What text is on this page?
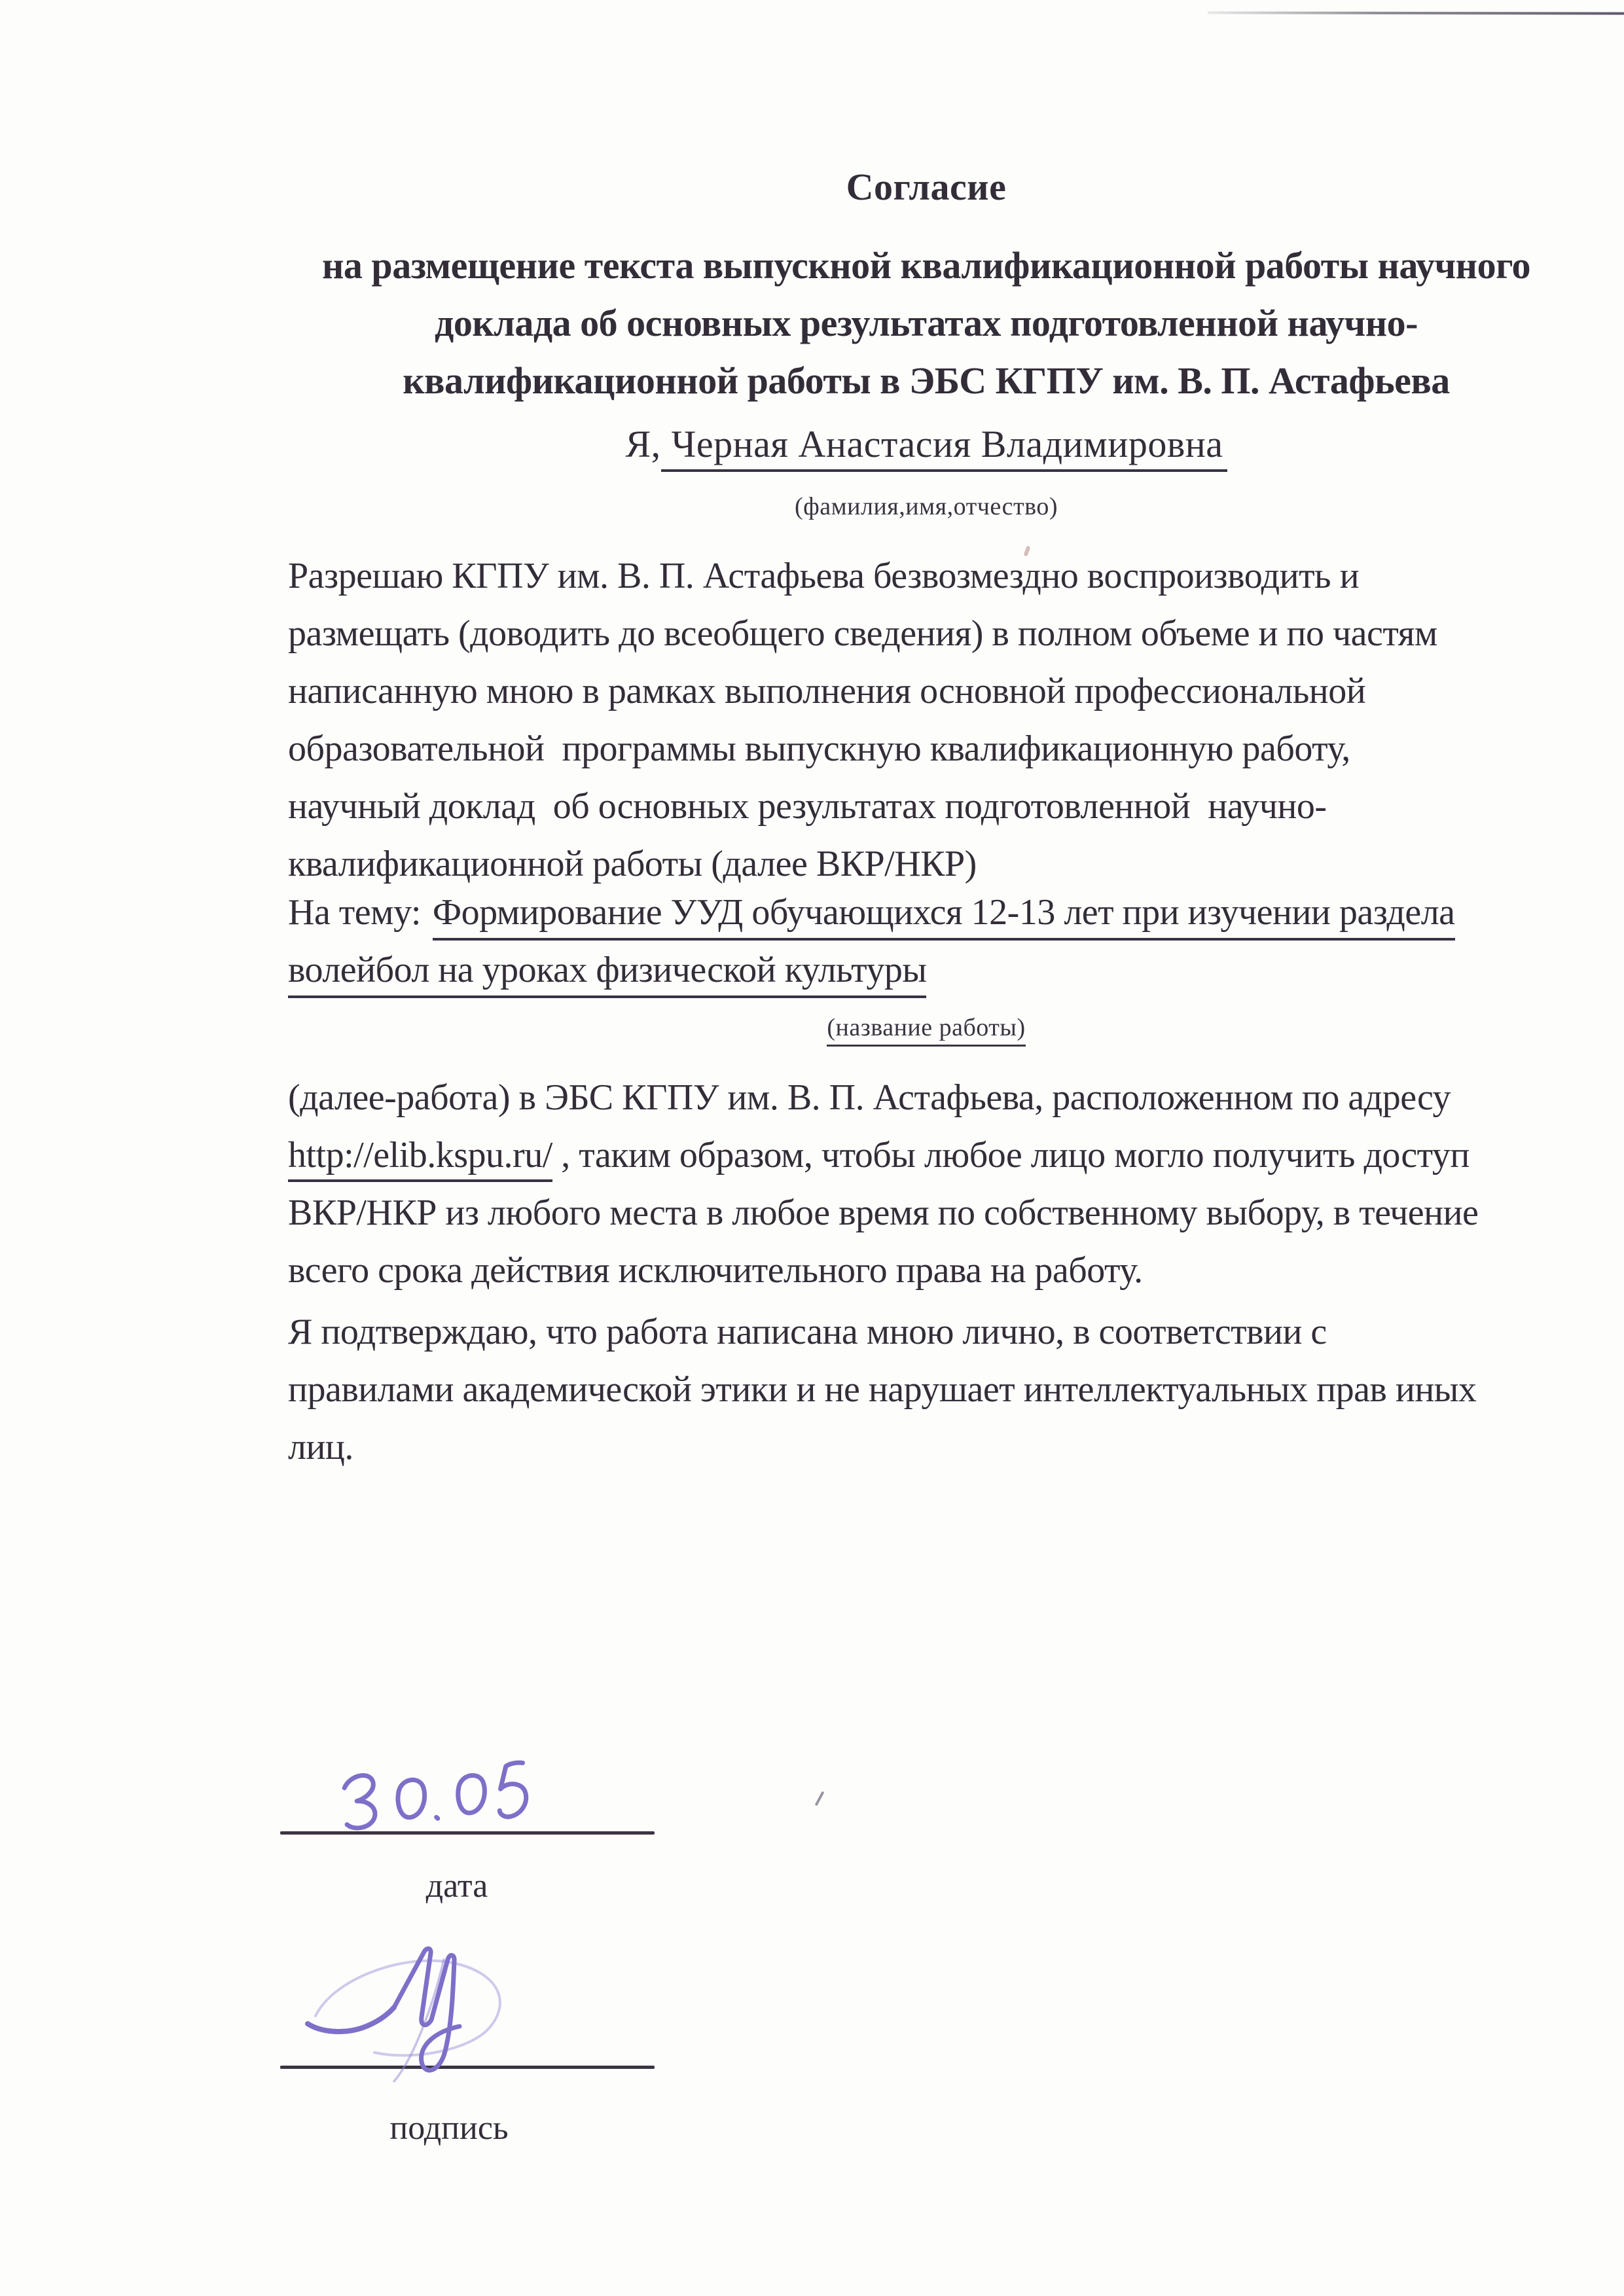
Согласие
на размещение текста выпускной квалификационной работы научного
доклада об основных результатах подготовленной научно-
квалификационной работы в ЭБС КГПУ им. В. П. Астафьева
Я, Черная Анастасия Владимировна
(фамилия,имя,отчество)
Разрешаю КГПУ им. В. П. Астафьева безвозмездно воспроизводить и
размещать (доводить до всеобщего сведения) в полном объеме и по частям
написанную мною в рамках выполнения основной профессиональной
образовательной  программы выпускную квалификационную работу,
научный доклад  об основных результатах подготовленной  научно-
квалификационной работы (далее ВКР/НКР)
На тему: Формирование УУД обучающихся 12-13 лет при изучении раздела
волейбол на уроках физической культуры
(название работы)
(далее-работа) в ЭБС КГПУ им. В. П. Астафьева, расположенном по адресу
http://elib.kspu.ru/ , таким образом, чтобы любое лицо могло получить доступ
ВКР/НКР из любого места в любое время по собственному выбору, в течение
всего срока действия исключительного права на работу.
Я подтверждаю, что работа написана мною лично, в соответствии с
правилами академической этики и не нарушает интеллектуальных прав иных
лиц.
дата
подпись
